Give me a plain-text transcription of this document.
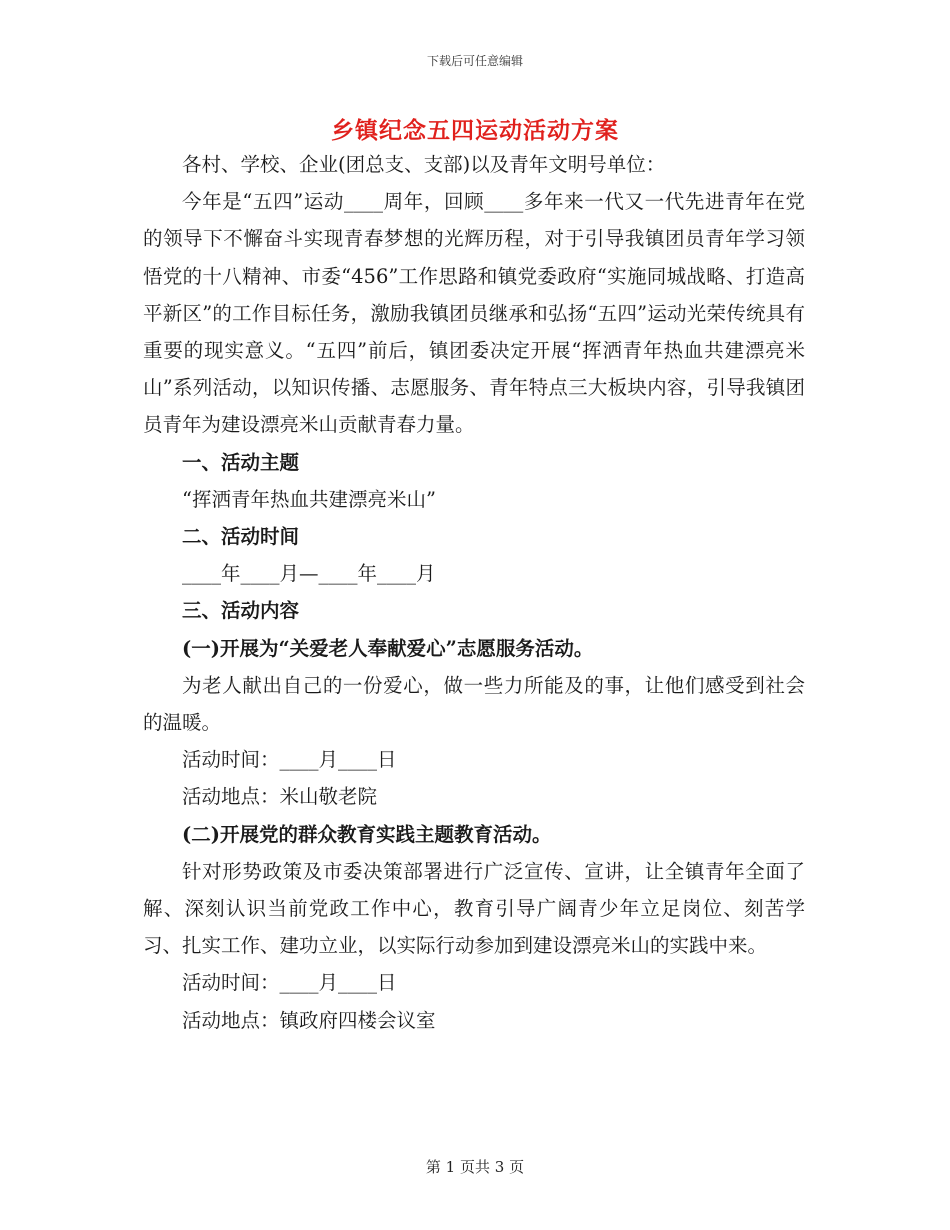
下载后可任意编辑
乡镇纪念五四运动活动方案

各村、学校、企业(团总支、支部)以及青年文明号单位：

今年是“五四”运动____周年，回顾____多年来一代又一代先进青年在党的领导下不懈奋斗实现青春梦想的光辉历程，对于引导我镇团员青年学习领悟党的十八精神、市委“456”工作思路和镇党委政府“实施同城战略、打造高平新区”的工作目标任务，激励我镇团员继承和弘扬“五四”运动光荣传统具有重要的现实意义。“五四”前后，镇团委决定开展“挥洒青年热血共建漂亮米山”系列活动，以知识传播、志愿服务、青年特点三大板块内容，引导我镇团员青年为建设漂亮米山贡献青春力量。

一、活动主题

“挥洒青年热血共建漂亮米山”

二、活动时间

____年____月—____年____月

三、活动内容

(一)开展为“关爱老人奉献爱心”志愿服务活动。

为老人献出自己的一份爱心，做一些力所能及的事，让他们感受到社会的温暖。

活动时间：____月____日

活动地点：米山敬老院

(二)开展党的群众教育实践主题教育活动。

针对形势政策及市委决策部署进行广泛宣传、宣讲，让全镇青年全面了解、深刻认识当前党政工作中心，教育引导广阔青少年立足岗位、刻苦学习、扎实工作、建功立业，以实际行动参加到建设漂亮米山的实践中来。

活动时间：____月____日

活动地点：镇政府四楼会议室

第 1 页共 3 页
